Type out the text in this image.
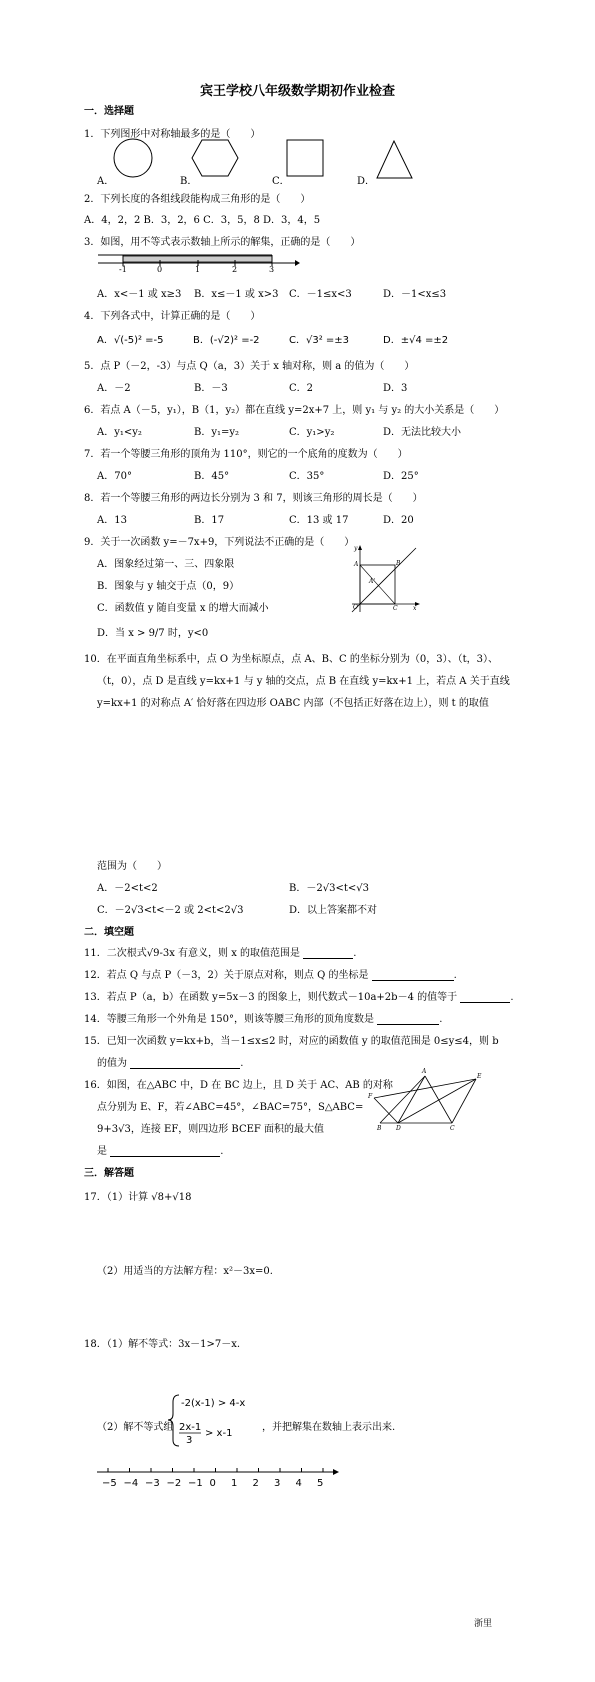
宾王学校八年级数学期初作业检查
一．选择题
1．下列图形中对称轴最多的是（　　）
A．	B．	C．	D．
2．下列长度的各组线段能构成三角形的是（　　）
A．4，2，2 B．3，2，6 C．3，5，8 D．3，4，5
3．如图，用不等式表示数轴上所示的解集，正确的是（　　）
-1	0	1	2	3
A．x<－1 或 x≥3 B．x≤－1 或 x>3 C．－1≤x<3	D．－1<x≤3
4．下列各式中，计算正确的是（　　）
A．√(-5)² =-5	B．(-√2)² =-2	C．√3² =±3	D．±√4 =±2
5．点 P（－2，-3）与点 Q（a，3）关于 x 轴对称，则 a 的值为（　　）
A．－2	B．－3	C．2	D．3
6．若点 A（－5，y₁），B（1，y₂）都在直线 y=2x+7 上，则 y₁ 与 y₂ 的大小关系是（　　）
A．y₁<y₂	B．y₁=y₂	C．y₁>y₂	D．无法比较大小
7．若一个等腰三角形的顶角为 110°，则它的一个底角的度数为（　　）
A．70°	B．45°	C．35°	D．25°
8．若一个等腰三角形的两边长分别为 3 和 7，则该三角形的周长是（　　）
A．13	B．17	C．13 或 17	D．20
9．关于一次函数 y=－7x+9，下列说法不正确的是（　　）
A．图象经过第一、三、四象限
B．图象与 y 轴交于点（0，9）
C．函数值 y 随自变量 x 的增大而减小
D．当 x > 9/7 时，y<0
y
A
A'
B
O	C	x
10．在平面直角坐标系中，点 O 为坐标原点，点 A、B、C 的坐标分别为（0，3）、（t，3）、
（t，0），点 D 是直线 y=kx+1 与 y 轴的交点，点 B 在直线 y=kx+1 上，若点 A 关于直线
y=kx+1 的对称点 A′ 恰好落在四边形 OABC 内部（不包括正好落在边上），则 t 的取值
范围为（　　）
A．－2<t<2	B．－2√3<t<√3
C．－2√3<t<－2 或 2<t<2√3	D．以上答案都不对
二．填空题
11．二次根式√9-3x 有意义，则 x 的取值范围是	.
12．若点 Q 与点 P（－3，2）关于原点对称，则点 Q 的坐标是	.
13．若点 P（a，b）在函数 y=5x－3 的图象上，则代数式－10a+2b－4 的值等于	.
14．等腰三角形一个外角是 150°，则该等腰三角形的顶角度数是	.
15．已知一次函数 y=kx+b，当－1≤x≤2 时，对应的函数值 y 的取值范围是 0≤y≤4，则 b
的值为	.
16．如图，在△ABC 中，D 在 BC 边上，且 D 关于 AC、AB 的对称
点分别为 E、F，若∠ABC=45°，∠BAC=75°，S△ABC=
9+3√3，连接 EF，则四边形 BCEF 面积的最大值
是	.
A
E
F
B D	C
三．解答题
17．（1）计算 √8+√18
（2）用适当的方法解方程：x²－3x=0.
18．（1）解不等式：3x－1>7－x.
（2）解不等式组
-2(x-1) > 4-x
2x-1
3
> x-1
，并把解集在数轴上表示出来.
−5 −4 −3 −2 −1 0 1 2 3 4 5
浙里
